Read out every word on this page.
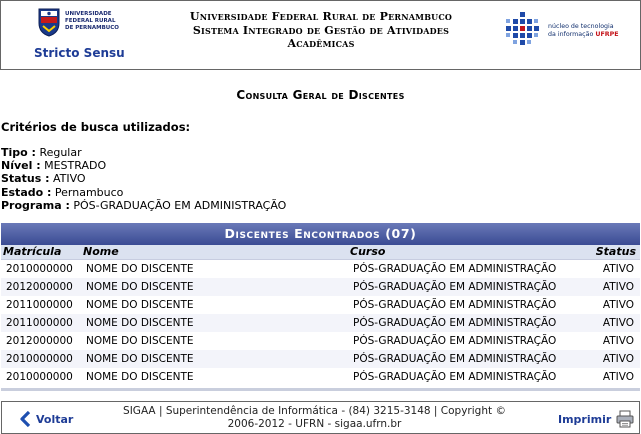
UNIVERSIDADE
FEDERAL RURAL
DE PERNAMBUCO
Stricto Sensu
Universidade Federal Rural de Pernambuco
Sistema Integrado de Gestão de Atividades
Acadêmicas
núcleo de tecnologia
da informação UFRPE
Consulta Geral de Discentes
Critérios de busca utilizados:
Tipo : Regular
Nível : MESTRADO
Status : ATIVO
Estado : Pernambuco
Programa : PÓS-GRADUAÇÃO EM ADMINISTRAÇÃO
Discentes Encontrados (07)
Matrícula	Nome	Curso	Status
2010000000	NOME DO DISCENTE	PÓS-GRADUAÇÃO EM ADMINISTRAÇÃO	ATIVO
2012000000	NOME DO DISCENTE	PÓS-GRADUAÇÃO EM ADMINISTRAÇÃO	ATIVO
2011000000	NOME DO DISCENTE	PÓS-GRADUAÇÃO EM ADMINISTRAÇÃO	ATIVO
2011000000	NOME DO DISCENTE	PÓS-GRADUAÇÃO EM ADMINISTRAÇÃO	ATIVO
2012000000	NOME DO DISCENTE	PÓS-GRADUAÇÃO EM ADMINISTRAÇÃO	ATIVO
2010000000	NOME DO DISCENTE	PÓS-GRADUAÇÃO EM ADMINISTRAÇÃO	ATIVO
2010000000	NOME DO DISCENTE	PÓS-GRADUAÇÃO EM ADMINISTRAÇÃO	ATIVO
Voltar
SIGAA | Superintendência de Informática - (84) 3215-3148 | Copyright ©
2006-2012 - UFRN - sigaa.ufrn.br	Imprimir
